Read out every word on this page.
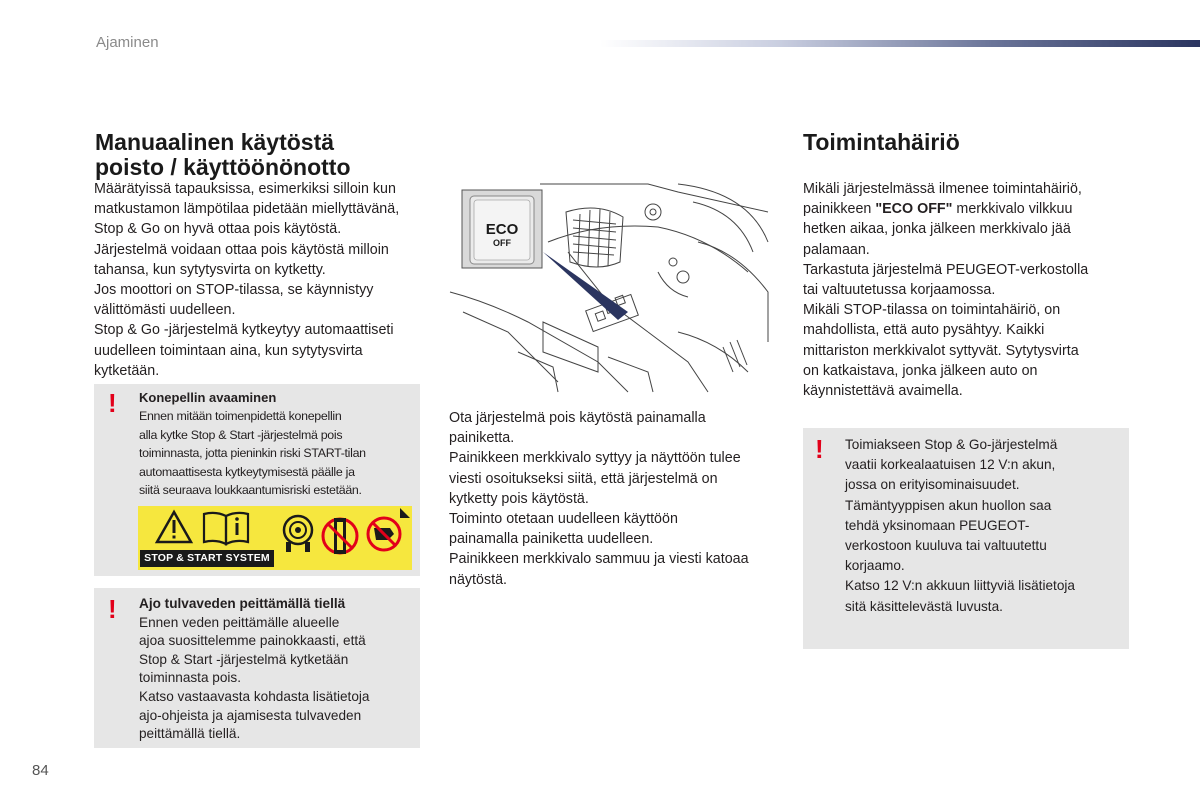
Ajaminen
Manuaalinen käytöstä
poisto / käyttöönönotto

Määrätyissä tapauksissa, esimerkiksi silloin kun

matkustamon lämpötilaa pidetään miellyttävänä,

Stop & Go on hyvä ottaa pois käytöstä.

Järjestelmä voidaan ottaa pois käytöstä milloin

tahansa, kun sytytysvirta on kytketty.

Jos moottori on STOP-tilassa, se käynnistyy

välittömästi uudelleen.

Stop & Go -järjestelmä kytkeytyy automaattiseti

uudelleen toimintaan aina, kun sytytysvirta

kytketään.

! Konepellin avaaminen

Ennen mitään toimenpidettä konepellin

alla kytke Stop & Start -järjestelmä pois

toiminnasta, jotta pieninkin riski START-tilan

automaattisesta kytkeytymisestä päälle ja

siitä seuraava loukkaantumisriski estetään.

STOP & START SYSTEM
! Ajo tulvaveden peittämällä tiellä

Ennen veden peittämälle alueelle

ajoa suosittelemme painokkaasti, että

Stop & Start -järjestelmä kytketään

toiminnasta pois.

Katso vastaavasta kohdasta lisätietoja

ajo-ohjeista ja ajamisesta tulvaveden

peittämällä tiellä.

ECO
OFF

Ota järjestelmä pois käytöstä painamalla

painiketta.

Painikkeen merkkivalo syttyy ja näyttöön tulee

viesti osoitukseksi siitä, että järjestelmä on

kytketty pois käytöstä.

Toiminto otetaan uudelleen käyttöön

painamalla painiketta uudelleen.

Painikkeen merkkivalo sammuu ja viesti katoaa

näytöstä.

Toimintahäiriö

Mikäli järjestelmässä ilmenee toimintahäiriö,

painikkeen "ECO OFF" merkkivalo vilkkuu

hetken aikaa, jonka jälkeen merkkivalo jää

palamaan.

Tarkastuta järjestelmä PEUGEOT-verkostolla

tai valtuutetussa korjaamossa.

Mikäli STOP-tilassa on toimintahäiriö, on

mahdollista, että auto pysähtyy. Kaikki

mittariston merkkivalot syttyvät. Sytytysvirta

on katkaistava, jonka jälkeen auto on

käynnistettävä avaimella.

! Toimiakseen Stop & Go-järjestelmä

vaatii korkealaatuisen 12 V:n akun,

jossa on erityisominaisuudet.

Tämäntyyppisen akun huollon saa

tehdä yksinomaan PEUGEOT-

verkostoon kuuluva tai valtuutettu

korjaamo.

Katso 12 V:n akkuun liittyviä lisätietoja

sitä käsittelevästä luvusta.

84
